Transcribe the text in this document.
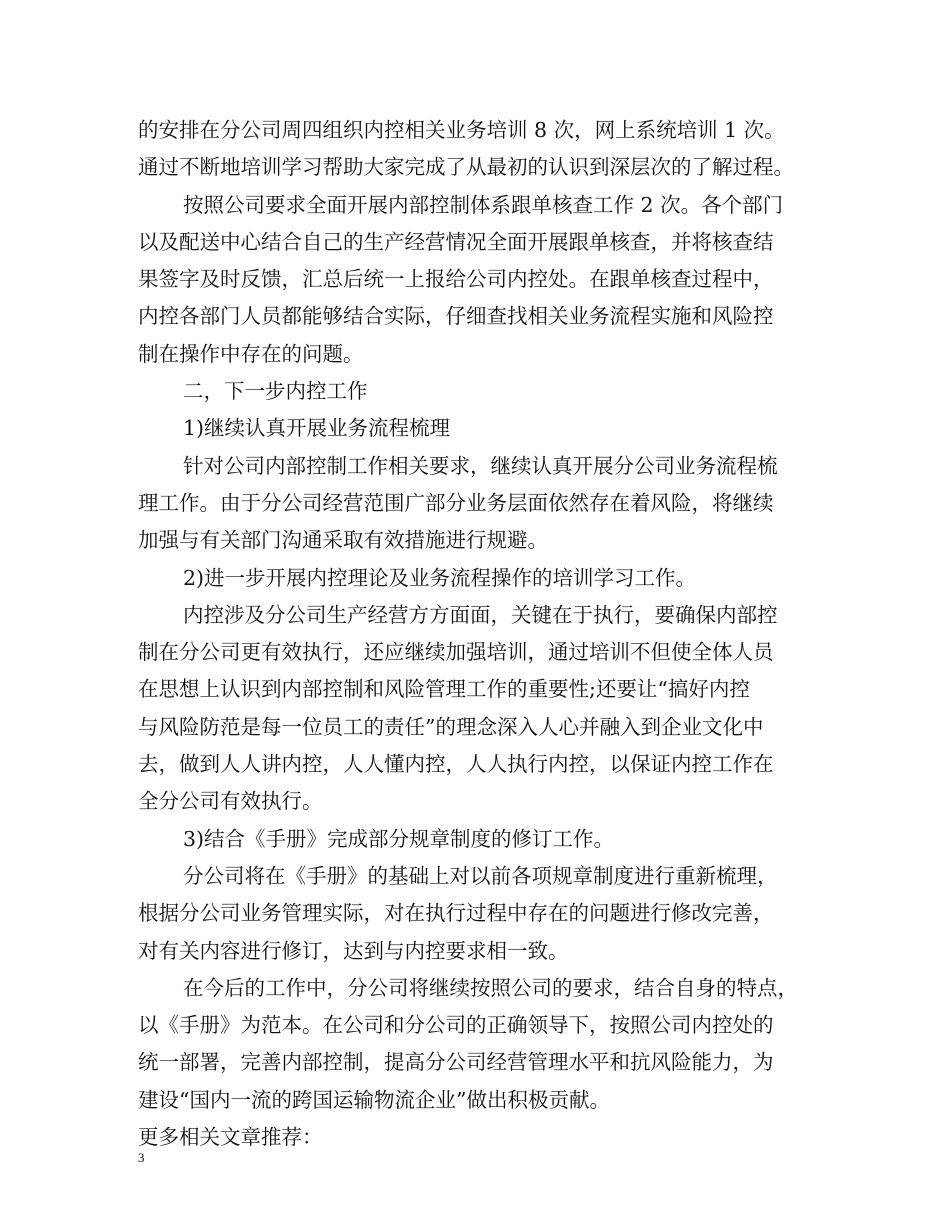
的安排在分公司周四组织内控相关业务培训 8 次，网上系统培训 1 次。
通过不断地培训学习帮助大家完成了从最初的认识到深层次的了解过程。
按照公司要求全面开展内部控制体系跟单核查工作 2 次。各个部门
以及配送中心结合自己的生产经营情况全面开展跟单核查，并将核查结
果签字及时反馈，汇总后统一上报给公司内控处。在跟单核查过程中，
内控各部门人员都能够结合实际，仔细查找相关业务流程实施和风险控
制在操作中存在的问题。
二，下一步内控工作
1)继续认真开展业务流程梳理
针对公司内部控制工作相关要求，继续认真开展分公司业务流程梳
理工作。由于分公司经营范围广部分业务层面依然存在着风险，将继续
加强与有关部门沟通采取有效措施进行规避。
2)进一步开展内控理论及业务流程操作的培训学习工作。
内控涉及分公司生产经营方方面面，关键在于执行，要确保内部控
制在分公司更有效执行，还应继续加强培训，通过培训不但使全体人员
在思想上认识到内部控制和风险管理工作的重要性;还要让“搞好内控
与风险防范是每一位员工的责任”的理念深入人心并融入到企业文化中
去，做到人人讲内控，人人懂内控，人人执行内控，以保证内控工作在
全分公司有效执行。
3)结合《手册》完成部分规章制度的修订工作。
分公司将在《手册》的基础上对以前各项规章制度进行重新梳理，
根据分公司业务管理实际，对在执行过程中存在的问题进行修改完善，
对有关内容进行修订，达到与内控要求相一致。
在今后的工作中，分公司将继续按照公司的要求，结合自身的特点，
以《手册》为范本。在公司和分公司的正确领导下，按照公司内控处的
统一部署，完善内部控制，提高分公司经营管理水平和抗风险能力，为
建设“国内一流的跨国运输物流企业”做出积极贡献。
更多相关文章推荐：
3
